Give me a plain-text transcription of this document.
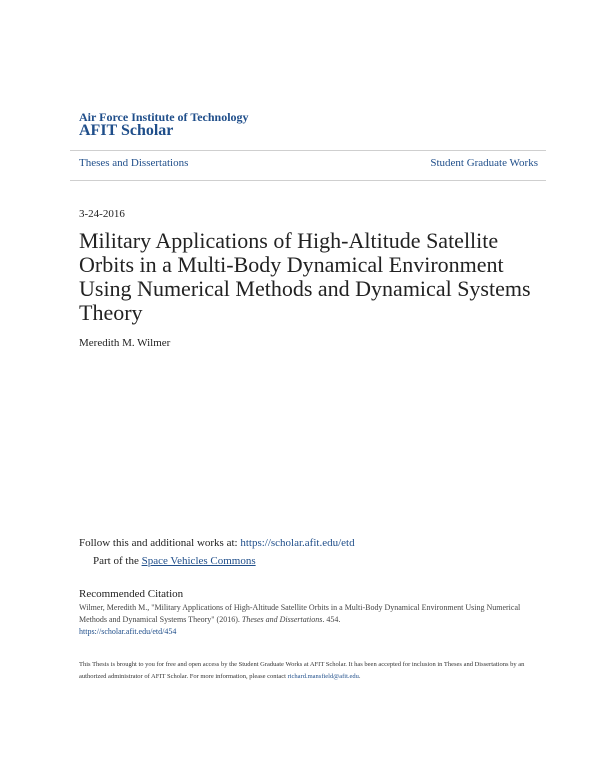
Air Force Institute of Technology
AFIT Scholar
Theses and Dissertations	Student Graduate Works
3-24-2016
Military Applications of High-Altitude Satellite Orbits in a Multi-Body Dynamical Environment Using Numerical Methods and Dynamical Systems Theory
Meredith M. Wilmer
Follow this and additional works at: https://scholar.afit.edu/etd
Part of the Space Vehicles Commons
Recommended Citation
Wilmer, Meredith M., "Military Applications of High-Altitude Satellite Orbits in a Multi-Body Dynamical Environment Using Numerical Methods and Dynamical Systems Theory" (2016). Theses and Dissertations. 454.
https://scholar.afit.edu/etd/454
This Thesis is brought to you for free and open access by the Student Graduate Works at AFIT Scholar. It has been accepted for inclusion in Theses and Dissertations by an authorized administrator of AFIT Scholar. For more information, please contact richard.mansfield@afit.edu.
